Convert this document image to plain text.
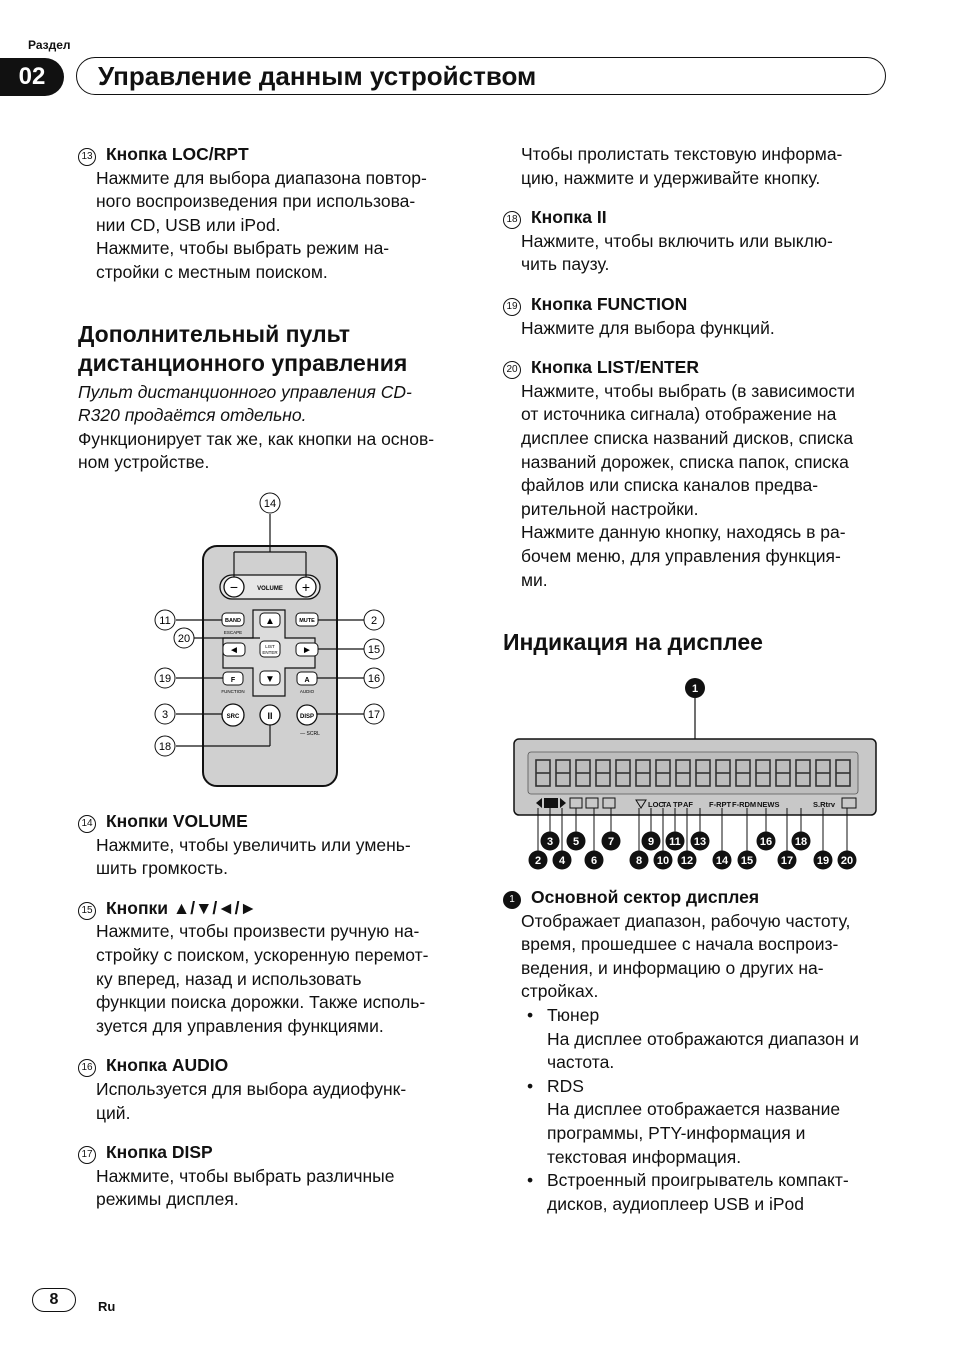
Раздел
02	Управление данным устройством

13 Кнопка LOC/RPT

Нажмите для выбора диапазона повтор-

ного воспроизведения при использова-

нии CD, USB или iPod.

Нажмите, чтобы выбрать режим на-

стройки с местным поиском.

Дополнительный пульт

дистанционного управления

Пульт дистанционного управления CD-

R320 продаётся отдельно.

Функционирует так же, как кнопки на основ-

ном устройстве.

−	+
VOLUME
▲
▼
◄	►
LIST
ENTER
BAND
ESCAPE
MUTE
F
FUNCTION
A
AUDIO
SRC	II	DISP
— SCRL
14
11
20
19
3
18
2
15
16
17

14 Кнопки VOLUME

Нажмите, чтобы увеличить или умень-

шить громкость.

15 Кнопки ▲/▼/◄/►

Нажмите, чтобы произвести ручную на-

стройку с поиском, ускоренную перемот-

ку вперед, назад и использовать

функции поиска дорожки. Также исполь-

зуется для управления функциями.

16 Кнопка AUDIO

Используется для выбора аудиофунк-

ций.

17 Кнопка DISP

Нажмите, чтобы выбрать различные

режимы дисплея.

Чтобы пролистать текстовую информа-

цию, нажмите и удерживайте кнопку.

18 Кнопка II

Нажмите, чтобы включить или выклю-

чить паузу.

19 Кнопка FUNCTION

Нажмите для выбора функций.

20 Кнопка LIST/ENTER

Нажмите, чтобы выбрать (в зависимости

от источника сигнала) отображение на

дисплее списка названий дисков, списка

названий дорожек, списка папок, списка

файлов или списка каналов предва-

рительной настройки.

Нажмите данную кнопку, находясь в ра-

бочем меню, для управления функция-

ми.

Индикация на дисплее
1
LOC
TA TP AF F-RPT F-RDM NEWS	S.Rtrv
3 5	7	9 11 13	16 18
2 4 6	8 10 12 14 15	17 19 20

1 Основной сектор дисплея

Отображает диапазон, рабочую частоту,

время, прошедшее с начала воспроиз-

ведения, и информацию о других на-

стройках.

• Тюнер

На дисплее отображаются диапазон и

частота.

• RDS

На дисплее отображается название

программы, PTY-информация и

текстовая информация.

• Встроенный проигрыватель компакт-

дисков, аудиоплеер USB и iPod

8	Ru
